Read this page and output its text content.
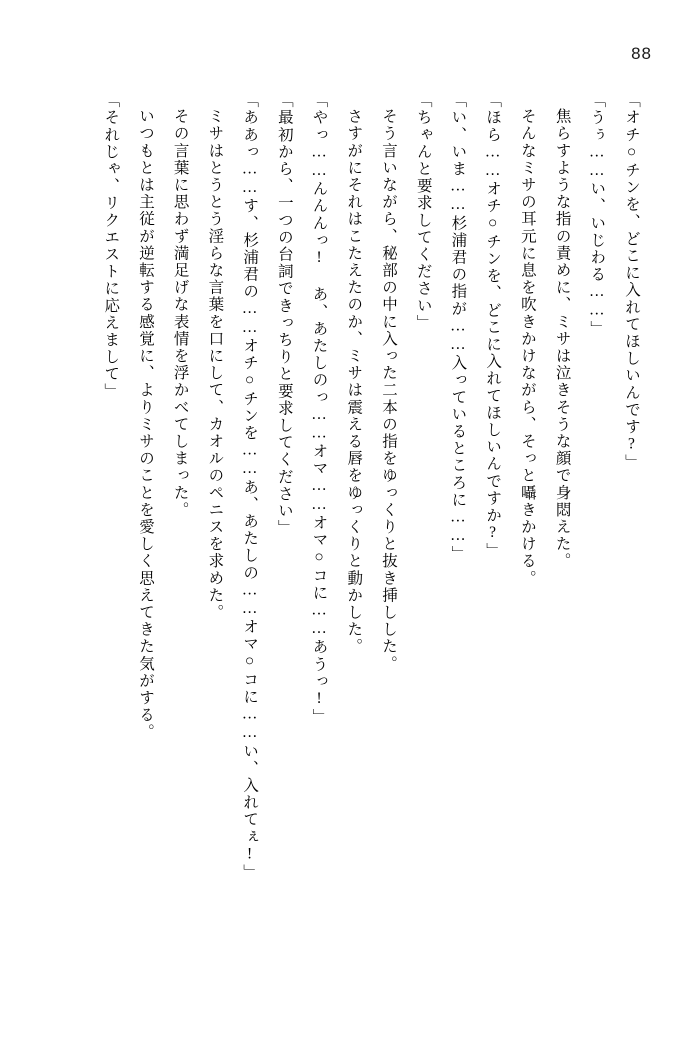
88

「オチ○チンを、どこに入れてほしいんです?」

「うぅ……い、いじわる……」

焦らすような指の責めに、ミサは泣きそうな顔で身悶えた。

そんなミサの耳元に息を吹きかけながら、そっと囁きかける。

「ほら……オチ○チンを、どこに入れてほしいんですか?」

「い、いま……杉浦君の指が……入っているところに……」

「ちゃんと要求してください」

そう言いながら、秘部の中に入った二本の指をゆっくりと抜き挿しした。

さすがにそれはこたえたのか、ミサは震える唇をゆっくりと動かした。

「やっ……んんんっ! あ、あたしのっ……オマ……オマ○コに……あうっ!」

「最初から、一つの台詞できっちりと要求してください」

「ああっ……す、杉浦君の……オチ○チンを……あ、あたしの……オマ○コに……い、入れてぇ!」

ミサはとうとう淫らな言葉を口にして、カオルのペニスを求めた。

その言葉に思わず満足げな表情を浮かべてしまった。

いつもとは主従が逆転する感覚に、よりミサのことを愛しく思えてきた気がする。

「それじゃ、リクエストに応えまして」
